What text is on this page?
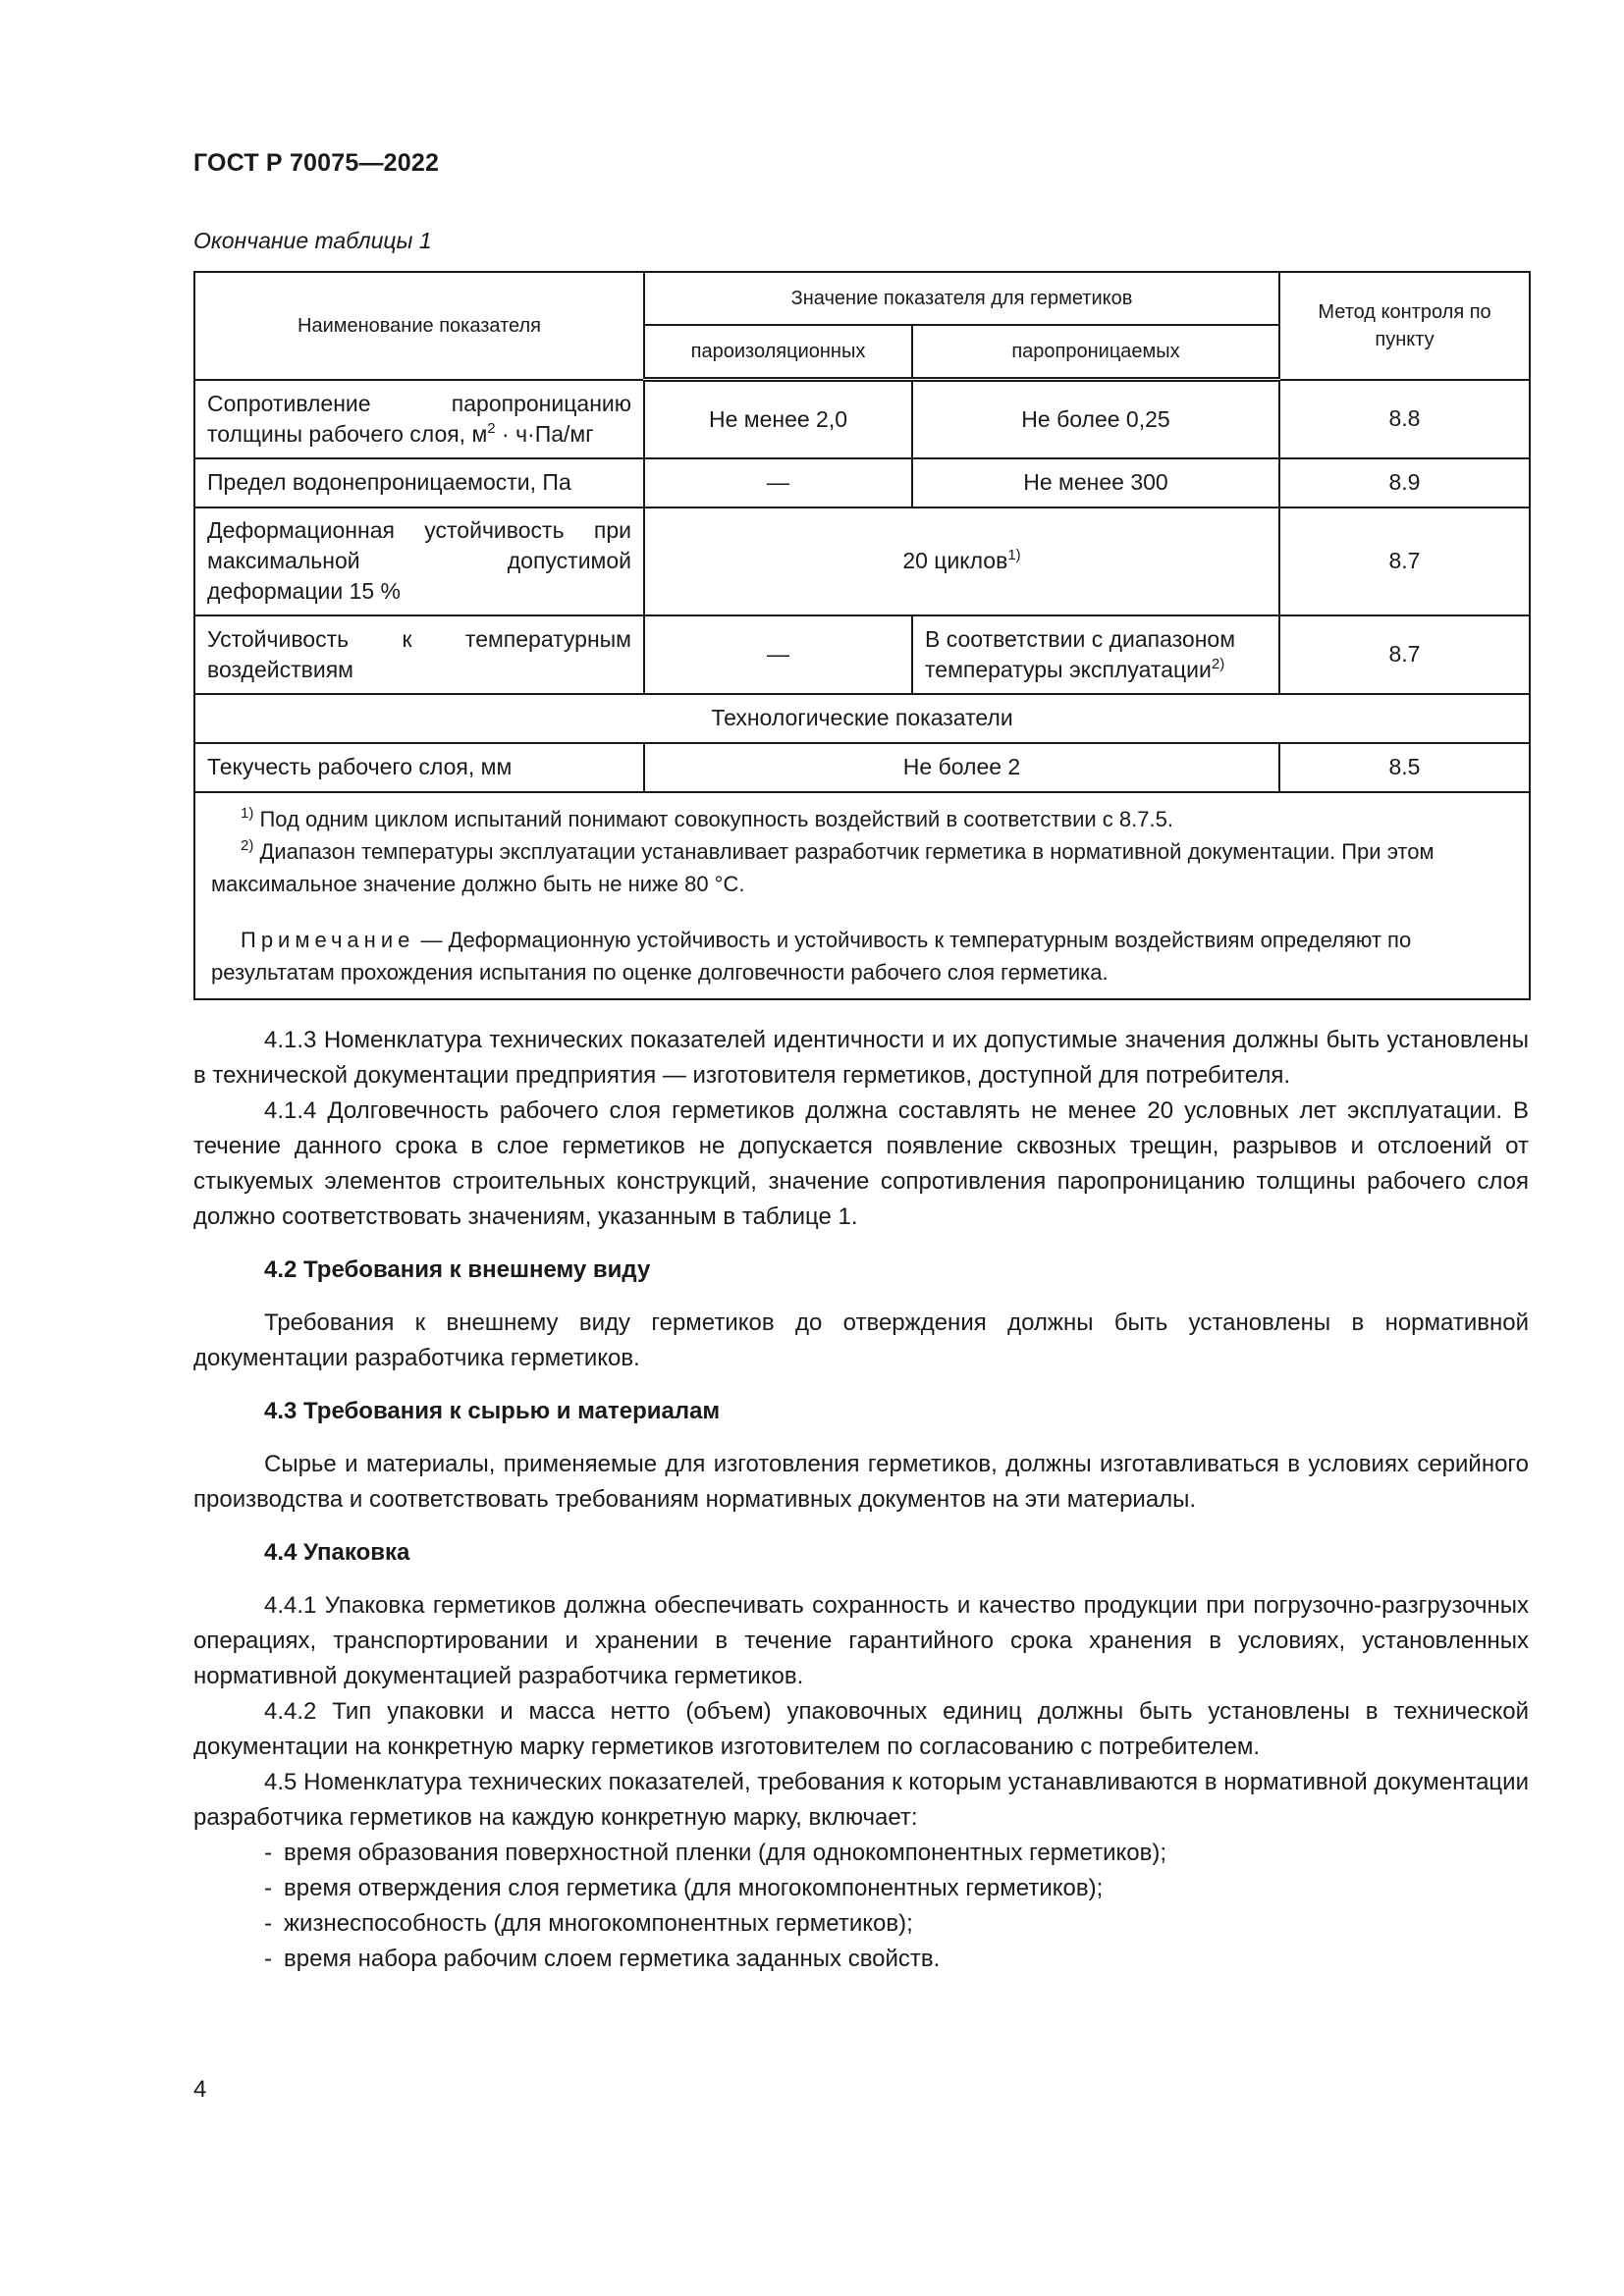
ГОСТ Р 70075—2022
Окончание таблицы 1
Наименование показателя	Значение показателя для герметиков		Метод контроля по пункту
	пароизоляционных	паропроницаемых	
Сопротивление паропроницанию толщины рабочего слоя, $м^2 \cdot ч\cdot Па/мг$	Не менее 2,0	Не более 0,25	8.8
Предел водонепроницаемости, Па	—	Не менее 300	8.9
Деформационная устойчивость при максимальной допустимой деформации 15 %	20 циклов$^{1)}$		8.7
Устойчивость к температурным воздействиям	—	В соответствии с диапазоном температуры эксплуатации$^{2)}$	8.7
Технологические показатели			
Текучесть рабочего слоя, мм	Не более 2		8.5

$^{1)}$ Под одним циклом испытаний понимают совокупность воздействий в соответствии с 8.7.5.

$^{2)}$ Диапазон температуры эксплуатации устанавливает разработчик герметика в нормативной документации. При этом максимальное значение должно быть не ниже 80 °С.

Примечание — Деформационную устойчивость и устойчивость к температурным воздействиям определяют по результатам прохождения испытания по оценке долговечности рабочего слоя герметика.			

4.1.3 Номенклатура технических показателей идентичности и их допустимые значения должны быть установлены в технической документации предприятия — изготовителя герметиков, доступной для потребителя.

4.1.4 Долговечность рабочего слоя герметиков должна составлять не менее 20 условных лет эксплуатации. В течение данного срока в слое герметиков не допускается появление сквозных трещин, разрывов и отслоений от стыкуемых элементов строительных конструкций, значение сопротивления паропроницанию толщины рабочего слоя должно соответствовать значениям, указанным в таблице 1.

4.2 Требования к внешнему виду

Требования к внешнему виду герметиков до отверждения должны быть установлены в нормативной документации разработчика герметиков.

4.3 Требования к сырью и материалам

Сырье и материалы, применяемые для изготовления герметиков, должны изготавливаться в условиях серийного производства и соответствовать требованиям нормативных документов на эти материалы.

4.4 Упаковка

4.4.1 Упаковка герметиков должна обеспечивать сохранность и качество продукции при погрузочно-разгрузочных операциях, транспортировании и хранении в течение гарантийного срока хранения в условиях, установленных нормативной документацией разработчика герметиков.

4.4.2 Тип упаковки и масса нетто (объем) упаковочных единиц должны быть установлены в технической документации на конкретную марку герметиков изготовителем по согласованию с потребителем.

4.5 Номенклатура технических показателей, требования к которым устанавливаются в нормативной документации разработчика герметиков на каждую конкретную марку, включает:

- время образования поверхностной пленки (для однокомпонентных герметиков);

- время отверждения слоя герметика (для многокомпонентных герметиков);

- жизнеспособность (для многокомпонентных герметиков);

- время набора рабочим слоем герметика заданных свойств.

4
